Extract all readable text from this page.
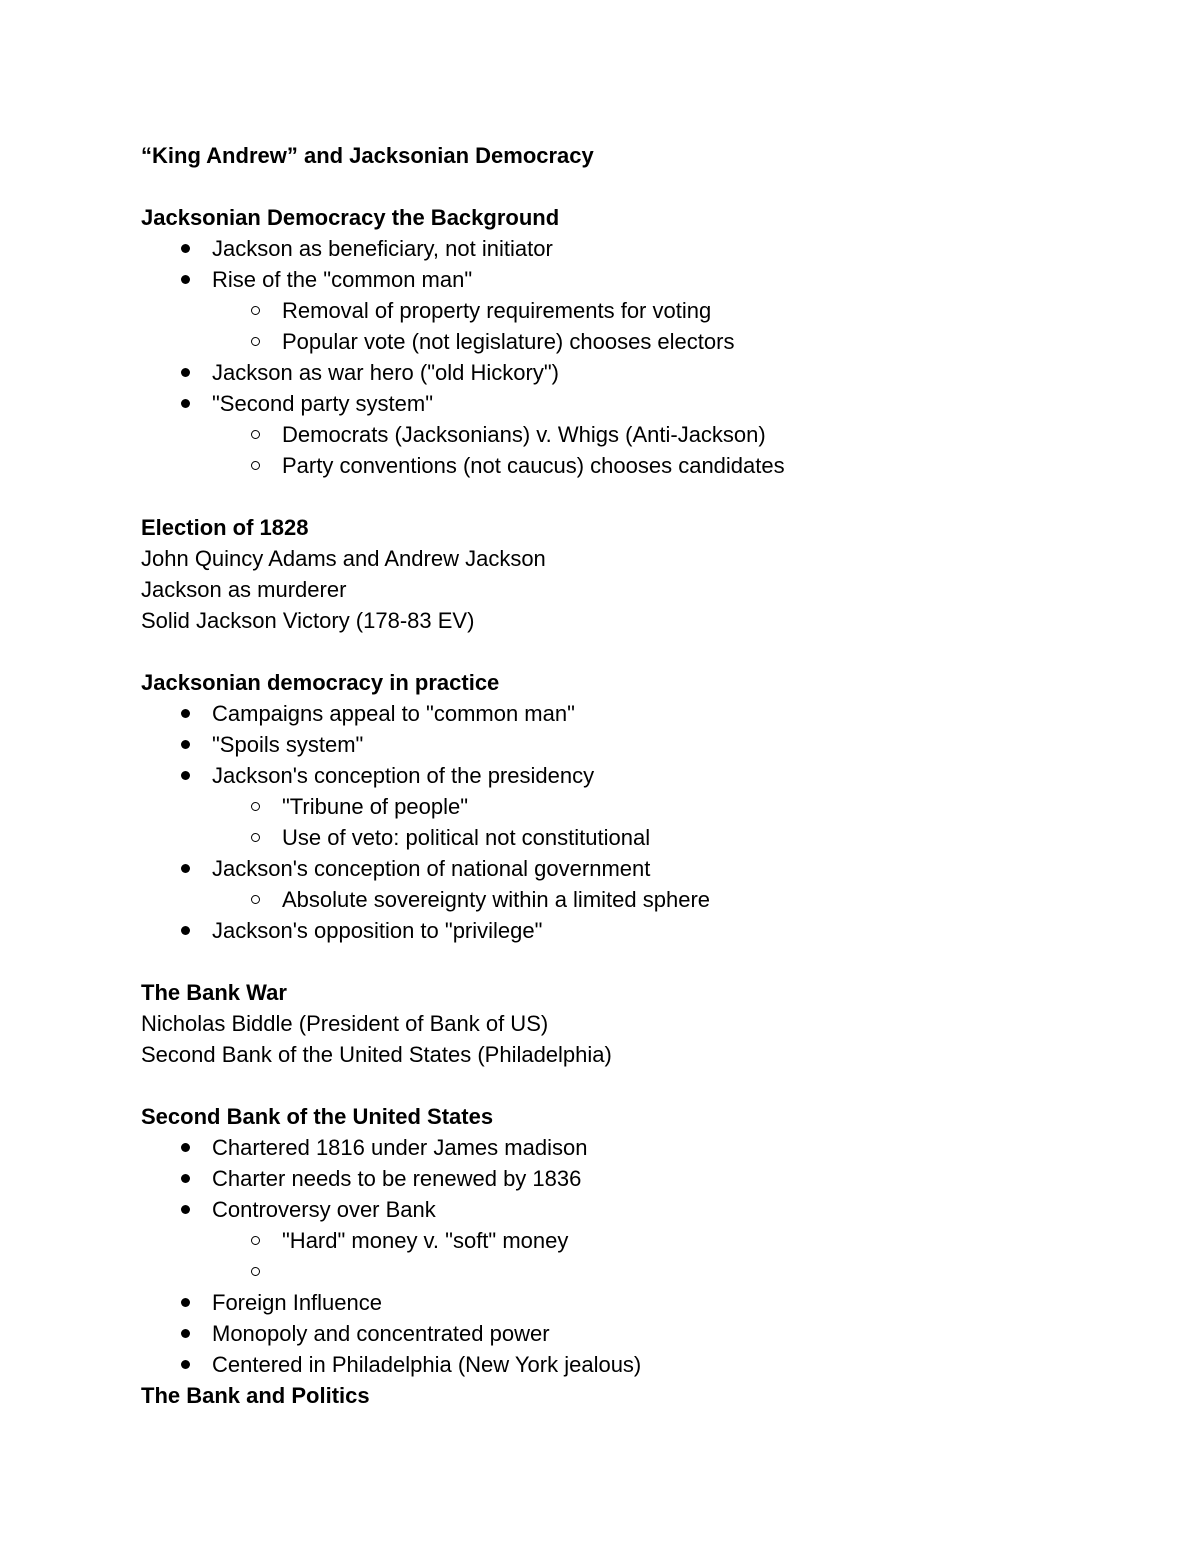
“King Andrew” and Jacksonian Democracy
Jacksonian Democracy the Background
Jackson as beneficiary, not initiator
Rise of the "common man"
Removal of property requirements for voting
Popular vote (not legislature) chooses electors
Jackson as war hero ("old Hickory")
"Second party system"
Democrats (Jacksonians) v. Whigs (Anti-Jackson)
Party conventions (not caucus) chooses candidates
Election of 1828
John Quincy Adams and Andrew Jackson
Jackson as murderer
Solid Jackson Victory (178-83 EV)
Jacksonian democracy in practice
Campaigns appeal to "common man"
"Spoils system"
Jackson's conception of the presidency
"Tribune of people"
Use of veto: political not constitutional
Jackson's conception of national government
Absolute sovereignty within a limited sphere
Jackson's opposition to "privilege"
The Bank War
Nicholas Biddle (President of Bank of US)
Second Bank of the United States (Philadelphia)
Second Bank of the United States
Chartered 1816 under James madison
Charter needs to be renewed by 1836
Controversy over Bank
"Hard" money v. "soft" money
Foreign Influence
Monopoly and concentrated power
Centered in Philadelphia (New York jealous)
The Bank and Politics
